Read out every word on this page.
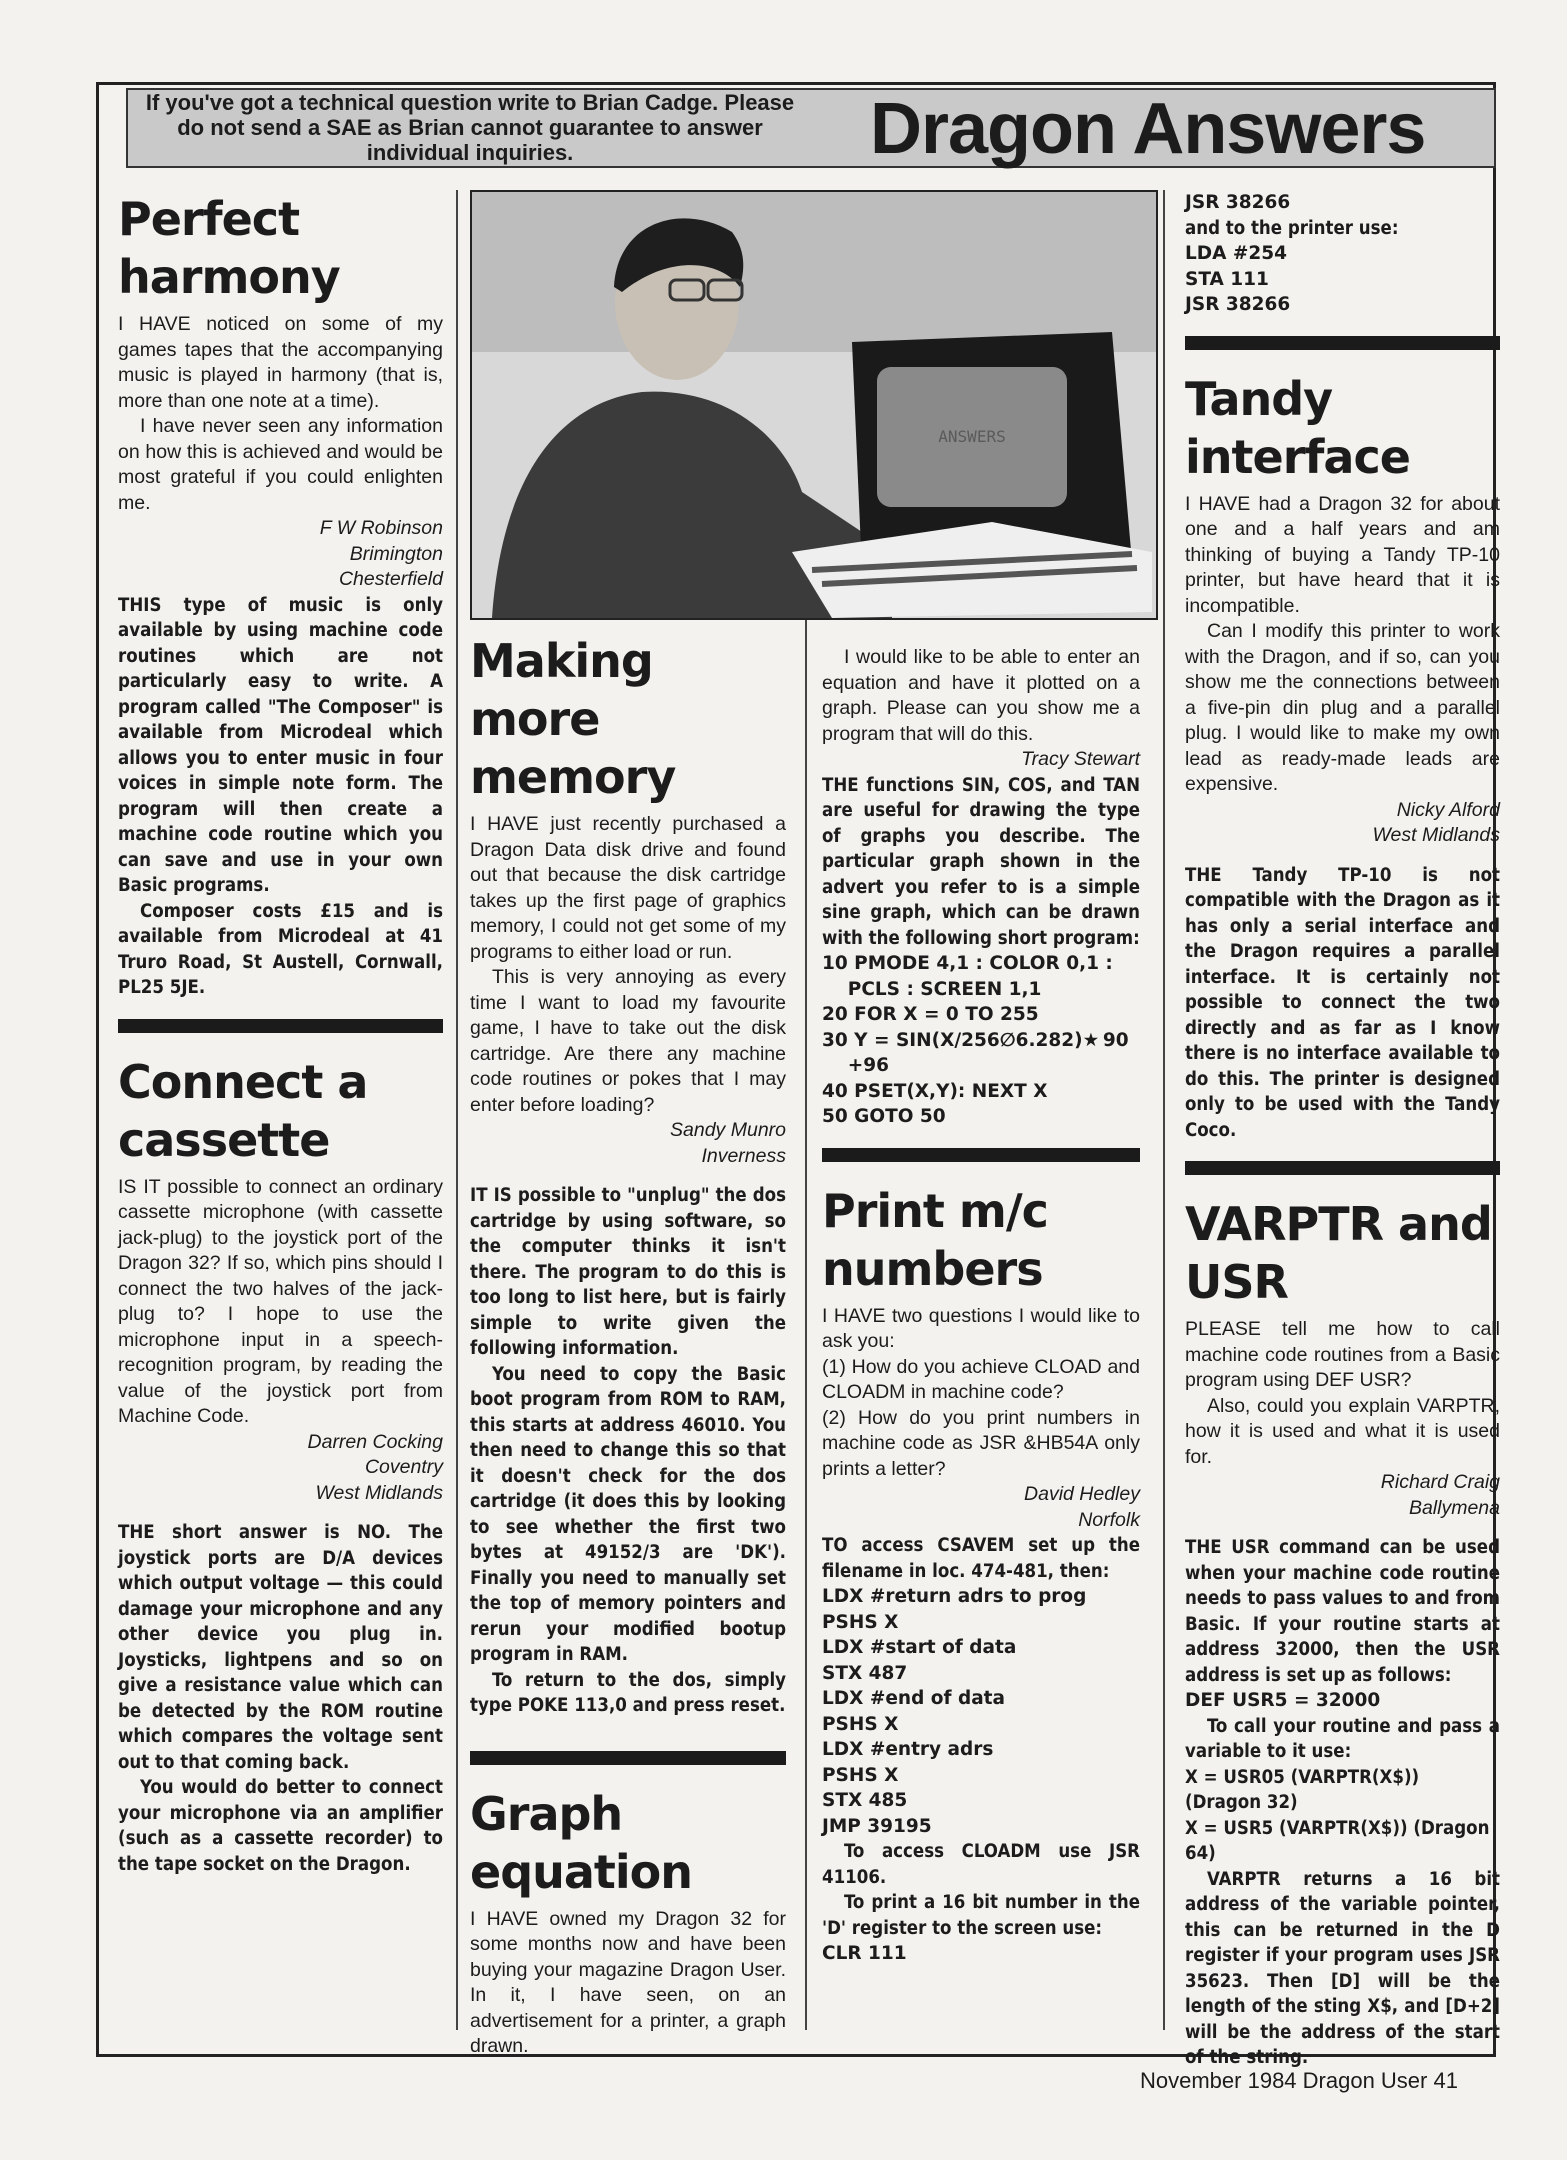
If you've got a technical question write to Brian Cadge. Please do not send a SAE as Brian cannot guarantee to answer individual inquiries.	Dragon Answers
Perfect harmony

I HAVE noticed on some of my games tapes that the accompanying music is played in harmony (that is, more than one note at a time).

I have never seen any information on how this is achieved and would be most grateful if you could enlighten me.

F W Robinson

Brimington

Chesterfield

THIS type of music is only available by using machine code routines which are not particularly easy to write. A program called "The Composer" is available from Microdeal which allows you to enter music in four voices in simple note form. The program will then create a machine code routine which you can save and use in your own Basic programs.

Composer costs £15 and is available from Microdeal at 41 Truro Road, St Austell, Cornwall, PL25 5JE.

Connect a cassette

IS IT possible to connect an ordinary cassette microphone (with cassette jack-plug) to the joystick port of the Dragon 32? If so, which pins should I connect the two halves of the jack-plug to? I hope to use the microphone input in a speech-recognition program, by reading the value of the joystick port from Machine Code.

Darren Cocking

Coventry

West Midlands

THE short answer is NO. The joystick ports are D/A devices which output voltage — this could damage your microphone and any other device you plug in. Joysticks, lightpens and so on give a resistance value which can be detected by the ROM routine which compares the voltage sent out to that coming back.

You would do better to connect your microphone via an amplifier (such as a cassette recorder) to the tape socket on the Dragon.

ANSWERS
Making more memory

I HAVE just recently purchased a Dragon Data disk drive and found out that because the disk cartridge takes up the first page of graphics memory, I could not get some of my programs to either load or run.

This is very annoying as every time I want to load my favourite game, I have to take out the disk cartridge. Are there any machine code routines or pokes that I may enter before loading?

Sandy Munro

Inverness

IT IS possible to "unplug" the dos cartridge by using software, so the computer thinks it isn't there. The program to do this is too long to list here, but is fairly simple to write given the following information.

You need to copy the Basic boot program from ROM to RAM, this starts at address 46010. You then need to change this so that it doesn't check for the dos cartridge (it does this by looking to see whether the first two bytes at 49152/3 are 'DK'). Finally you need to manually set the top of memory pointers and rerun your modified bootup program in RAM.

To return to the dos, simply type POKE 113,0 and press reset.

Graph equation

I HAVE owned my Dragon 32 for some months now and have been buying your magazine Dragon User. In it, I have seen, on an advertisement for a printer, a graph drawn.

I would like to be able to enter an equation and have it plotted on a graph. Please can you show me a program that will do this.

Tracy Stewart

THE functions SIN, COS, and TAN are useful for drawing the type of graphs you describe. The particular graph shown in the advert you refer to is a simple sine graph, which can be drawn with the following short program:

10 PMODE 4,1 : COLOR 0,1 :

PCLS : SCREEN 1,1

20 FOR X = 0 TO 255

30 Y = SIN(X/256∅6.282)★ 90

+96

40 PSET(X,Y): NEXT X

50 GOTO 50

Print m/c numbers

I HAVE two questions I would like to ask you:

(1) How do you achieve CLOAD and CLOADM in machine code?

(2) How do you print numbers in machine code as JSR &HB54A only prints a letter?

David Hedley

Norfolk

TO access CSAVEM set up the filename in loc. 474-481, then:

LDX #return adrs to prog

PSHS X

LDX #start of data

STX 487

LDX #end of data

PSHS X

LDX #entry adrs

PSHS X

STX 485

JMP 39195

To access CLOADM use JSR 41106.

To print a 16 bit number in the 'D' register to the screen use:

CLR 111

JSR 38266

and to the printer use:

LDA #254

STA 111

JSR 38266

Tandy interface

I HAVE had a Dragon 32 for about one and a half years and am thinking of buying a Tandy TP-10 printer, but have heard that it is incompatible.

Can I modify this printer to work with the Dragon, and if so, can you show me the connections between a five-pin din plug and a parallel plug. I would like to make my own lead as ready-made leads are expensive.

Nicky Alford

West Midlands

THE Tandy TP-10 is not compatible with the Dragon as it has only a serial interface and the Dragon requires a parallel interface. It is certainly not possible to connect the two directly and as far as I know there is no interface available to do this. The printer is designed only to be used with the Tandy Coco.

VARPTR and USR

PLEASE tell me how to call machine code routines from a Basic program using DEF USR?

Also, could you explain VARPTR, how it is used and what it is used for.

Richard Craig

Ballymena

THE USR command can be used when your machine code routine needs to pass values to and from Basic. If your routine starts at address 32000, then the USR address is set up as follows:

DEF USR5 = 32000

To call your routine and pass a variable to it use:

X = USR05 (VARPTR(X$)) (Dragon 32)

X = USR5 (VARPTR(X$)) (Dragon 64)

VARPTR returns a 16 bit address of the variable pointer, this can be returned in the D register if your program uses JSR 35623. Then [D] will be the length of the sting X$, and [D+2] will be the address of the start of the string.

November 1984 Dragon User 41
